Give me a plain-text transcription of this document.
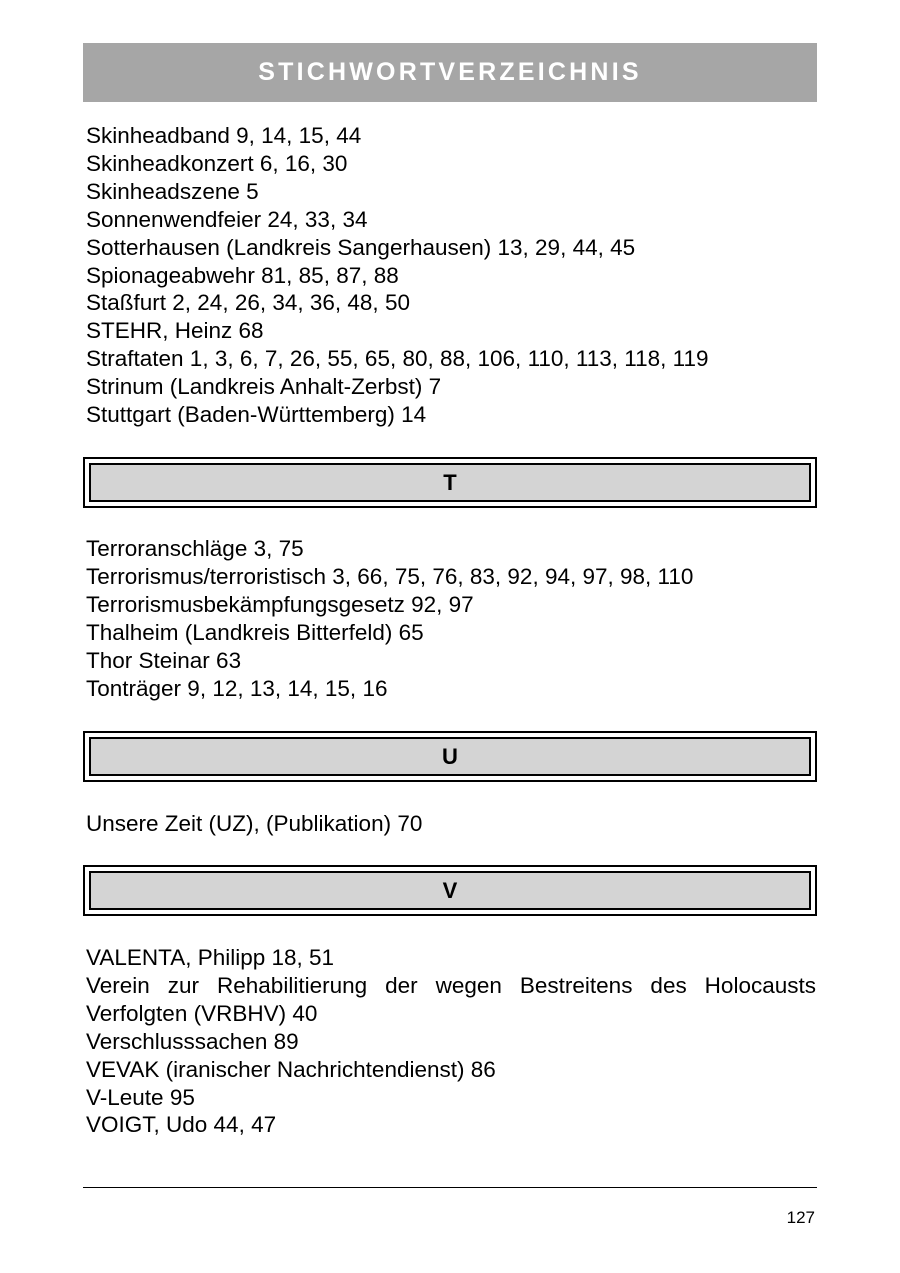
STICHWORTVERZEICHNIS
Skinheadband 9, 14, 15, 44
Skinheadkonzert 6, 16, 30
Skinheadszene 5
Sonnenwendfeier 24, 33, 34
Sotterhausen (Landkreis Sangerhausen) 13, 29, 44, 45
Spionageabwehr 81, 85, 87, 88
Staßfurt 2, 24, 26, 34, 36, 48, 50
STEHR, Heinz 68
Straftaten 1, 3, 6, 7, 26, 55, 65, 80, 88, 106, 110, 113, 118, 119
Strinum (Landkreis Anhalt-Zerbst) 7
Stuttgart (Baden-Württemberg) 14
T
Terroranschläge 3, 75
Terrorismus/terroristisch 3, 66, 75, 76, 83, 92, 94, 97, 98, 110
Terrorismusbekämpfungsgesetz 92, 97
Thalheim (Landkreis Bitterfeld) 65
Thor Steinar 63
Tonträger 9, 12, 13, 14, 15, 16
U
Unsere Zeit (UZ), (Publikation) 70
V
VALENTA, Philipp 18, 51
Verein zur Rehabilitierung der wegen Bestreitens des Holocausts
Verfolgten (VRBHV) 40
Verschlusssachen 89
VEVAK (iranischer Nachrichtendienst) 86
V-Leute 95
VOIGT, Udo 44, 47
127
